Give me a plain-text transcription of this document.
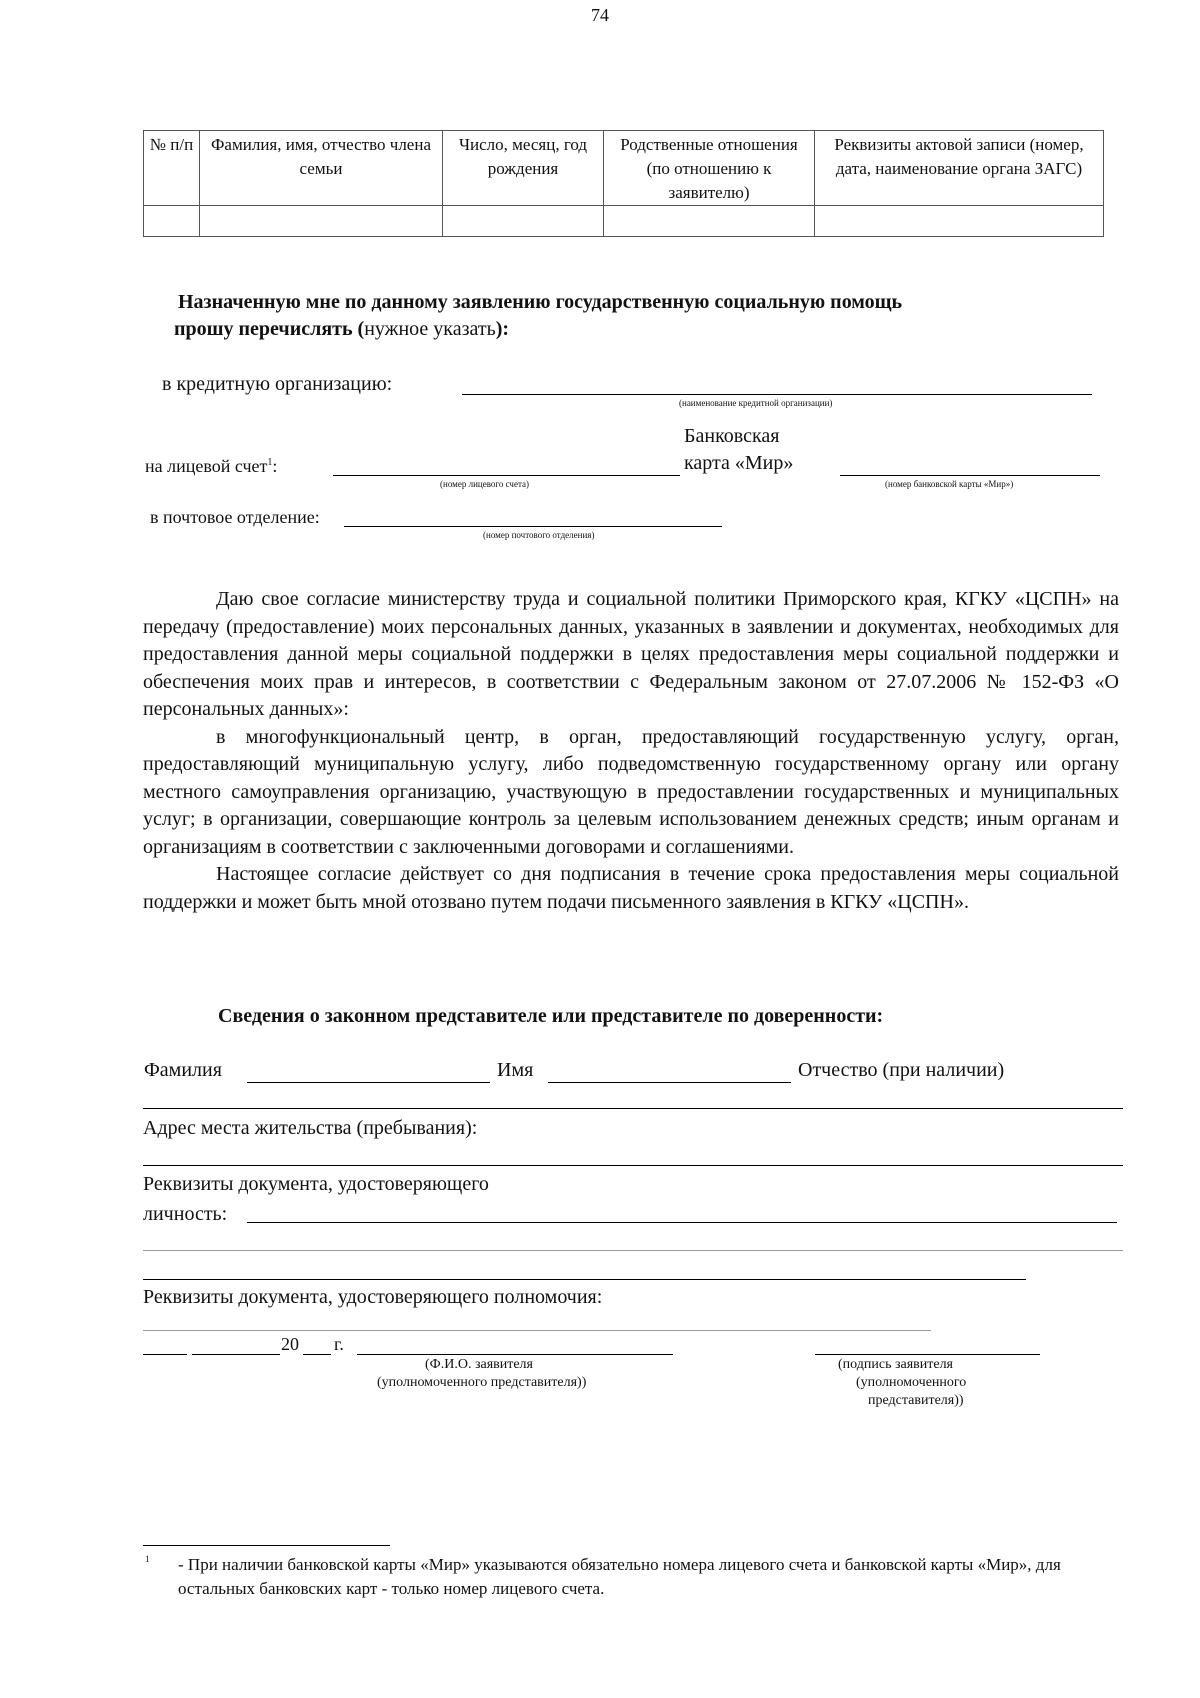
74
№ п/п	Фамилия, имя, отчество члена семьи	Число, месяц, год рождения	Родственные отношения (по отношению к заявителю)	Реквизиты актовой записи (номер, дата, наименование органа ЗАГС)

Назначенную мне по данному заявлению государственную социальную помощь
прошу перечислять (нужное указать):
в кредитную организацию:
(наименование кредитной организации)
Банковская
на лицевой счет$^1$:	карта «Мир»
(номер лицевого счета)	(номер банковской карты «Мир»)
в почтовое отделение:
(номер почтового отделения)

Даю свое согласие министерству труда и социальной политики Приморского края, КГКУ «ЦСПН» на передачу (предоставление) моих персональных данных, указанных в заявлении и документах, необходимых для предоставления данной меры социальной поддержки в целях предоставления меры социальной поддержки и обеспечения моих прав и интересов, в соответствии с Федеральным законом от 27.07.2006 № 152-ФЗ «О персональных данных»:

в многофункциональный центр, в орган, предоставляющий государственную услугу, орган, предоставляющий муниципальную услугу, либо подведомственную государственному органу или органу местного самоуправления организацию, участвующую в предоставлении государственных и муниципальных услуг; в организации, совершающие контроль за целевым использованием денежных средств; иным органам и организациям в соответствии с заключенными договорами и соглашениями.

Настоящее согласие действует со дня подписания в течение срока предоставления меры социальной поддержки и может быть мной отозвано путем подачи письменного заявления в КГКУ «ЦСПН».

Сведения о законном представителе или представителе по доверенности:
Фамилия	Имя	Отчество (при наличии)
Адрес места жительства (пребывания):
Реквизиты документа, удостоверяющего
личность:
Реквизиты документа, удостоверяющего полномочия:
20 г.
(Ф.И.О. заявителя
(уполномоченного представителя))
(подпись заявителя
(уполномоченного
представителя))
1 - При наличии банковской карты «Мир» указываются обязательно номера лицевого счета и банковской карты «Мир», для остальных банковских карт - только номер лицевого счета.
